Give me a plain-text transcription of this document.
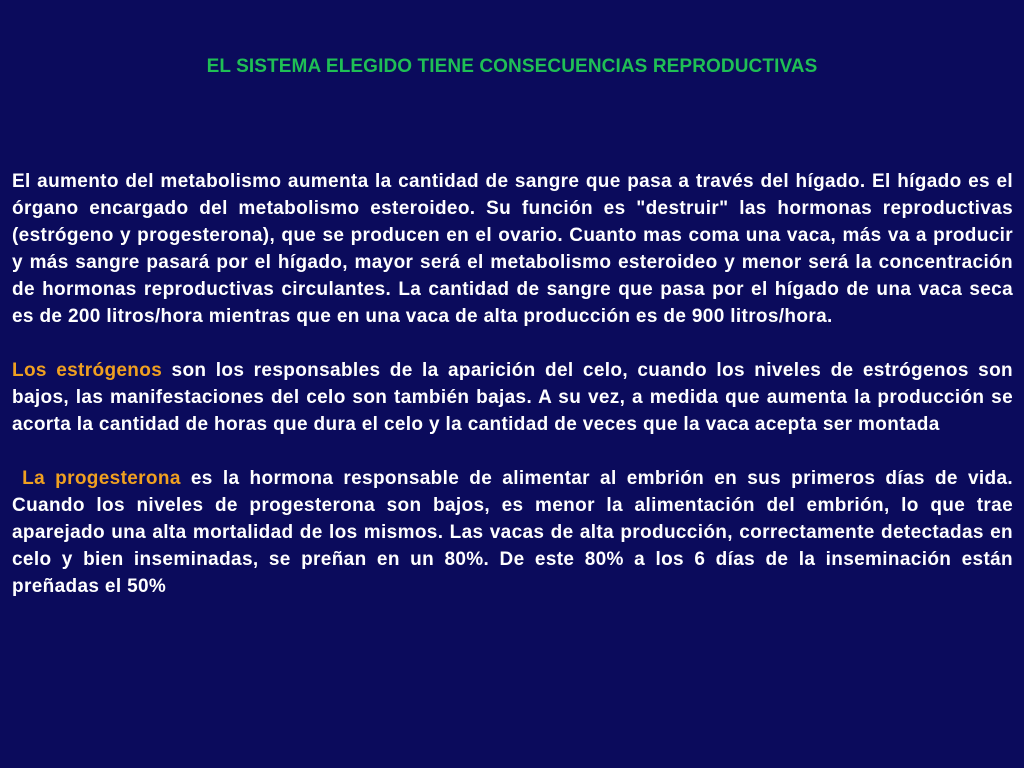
EL SISTEMA ELEGIDO TIENE CONSECUENCIAS REPRODUCTIVAS

El aumento del metabolismo aumenta la cantidad de sangre que pasa a través del hígado. El hígado es el órgano encargado del metabolismo esteroideo. Su función es "destruir" las hormonas reproductivas (estrógeno y progesterona), que se producen en el ovario. Cuanto mas coma una vaca, más va a producir y más sangre pasará por el hígado, mayor será el metabolismo esteroideo y menor será la concentración de hormonas reproductivas circulantes. La cantidad de sangre que pasa por el hígado de una vaca seca es de 200 litros/hora mientras que en una vaca de alta producción es de 900 litros/hora.

Los estrógenos son los responsables de la aparición del celo, cuando los niveles de estrógenos son bajos, las manifestaciones del celo son también bajas. A su vez, a medida que aumenta la producción se acorta la cantidad de horas que dura el celo y la cantidad de veces que la vaca acepta ser montada

La progesterona es la hormona responsable de alimentar al embrión en sus primeros días de vida. Cuando los niveles de progesterona son bajos, es menor la alimentación del embrión, lo que trae aparejado una alta mortalidad de los mismos. Las vacas de alta producción, correctamente detectadas en celo y bien inseminadas, se preñan en un 80%. De este 80% a los 6 días de la inseminación están preñadas el 50%
